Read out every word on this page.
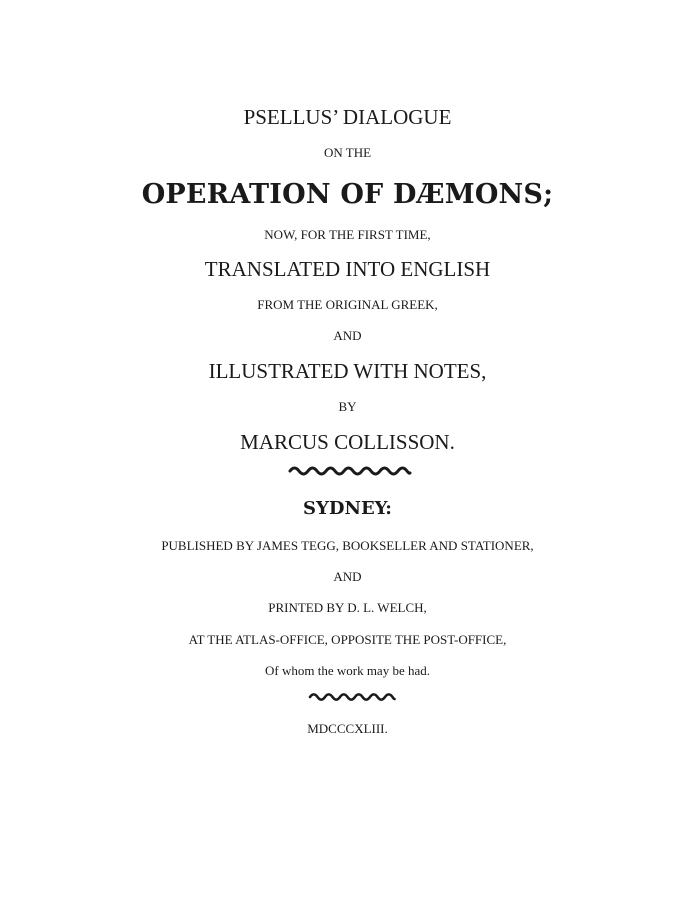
PSELLUS’ DIALOGUE
ON THE
OPERATION OF DÆMONS;
NOW, FOR THE FIRST TIME,
TRANSLATED INTO ENGLISH
FROM THE ORIGINAL GREEK,
AND
ILLUSTRATED WITH NOTES,
BY
MARCUS COLLISSON.
SYDNEY:
PUBLISHED BY JAMES TEGG, BOOKSELLER AND STATIONER,
AND
PRINTED BY D. L. WELCH,
AT THE ATLAS-OFFICE, OPPOSITE THE POST-OFFICE,
Of whom the work may be had.
MDCCCXLIII.
